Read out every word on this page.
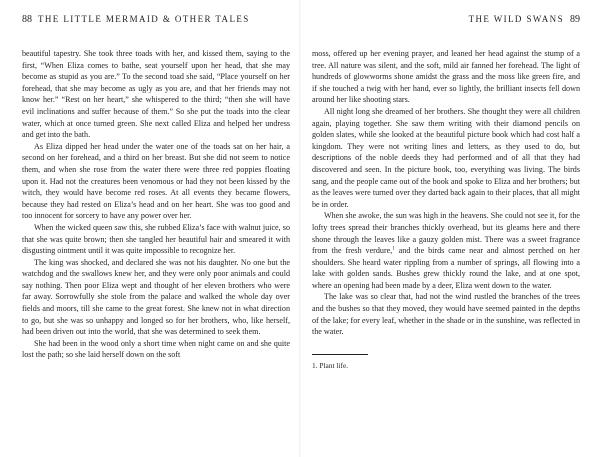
88 THE LITTLE MERMAID & OTHER TALES

beautiful tapestry. She took three toads with her, and kissed them, saying to the first, “When Eliza comes to bathe, seat yourself upon her head, that she may become as stupid as you are.” To the second toad she said, “Place yourself on her forehead, that she may become as ugly as you are, and that her friends may not know her.” “Rest on her heart,” she whispered to the third; “then she will have evil inclinations and suffer because of them.” So she put the toads into the clear water, which at once turned green. She next called Eliza and helped her undress and get into the bath.

As Eliza dipped her head under the water one of the toads sat on her hair, a second on her forehead, and a third on her breast. But she did not seem to notice them, and when she rose from the water there were three red poppies floating upon it. Had not the creatures been venomous or had they not been kissed by the witch, they would have become red roses. At all events they became flowers, because they had rested on Eliza’s head and on her heart. She was too good and too innocent for sorcery to have any power over her.

When the wicked queen saw this, she rubbed Eliza’s face with walnut juice, so that she was quite brown; then she tangled her beautiful hair and smeared it with disgusting ointment until it was quite impossible to recognize her.

The king was shocked, and declared she was not his daughter. No one but the watchdog and the swallows knew her, and they were only poor animals and could say nothing. Then poor Eliza wept and thought of her eleven brothers who were far away. Sorrowfully she stole from the palace and walked the whole day over fields and moors, till she came to the great forest. She knew not in what direction to go, but she was so unhappy and longed so for her brothers, who, like herself, had been driven out into the world, that she was determined to seek them.

She had been in the wood only a short time when night came on and she quite lost the path; so she laid herself down on the soft

THE WILD SWANS 89

moss, offered up her evening prayer, and leaned her head against the stump of a tree. All nature was silent, and the soft, mild air fanned her forehead. The light of hundreds of glowworms shone amidst the grass and the moss like green fire, and if she touched a twig with her hand, ever so lightly, the brilliant insects fell down around her like shooting stars.

All night long she dreamed of her brothers. She thought they were all children again, playing together. She saw them writing with their diamond pencils on golden slates, while she looked at the beautiful picture book which had cost half a kingdom. They were not writing lines and letters, as they used to do, but descriptions of the noble deeds they had performed and of all that they had discovered and seen. In the picture book, too, everything was living. The birds sang, and the people came out of the book and spoke to Eliza and her brothers; but as the leaves were turned over they darted back again to their places, that all might be in order.

When she awoke, the sun was high in the heavens. She could not see it, for the lofty trees spread their branches thickly overhead, but its gleams here and there shone through the leaves like a gauzy golden mist. There was a sweet fragrance from the fresh verdure,$^1$ and the birds came near and almost perched on her shoulders. She heard water rippling from a number of springs, all flowing into a lake with golden sands. Bushes grew thickly round the lake, and at one spot, where an opening had been made by a deer, Eliza went down to the water.

The lake was so clear that, had not the wind rustled the branches of the trees and the bushes so that they moved, they would have seemed painted in the depths of the lake; for every leaf, whether in the shade or in the sunshine, was reflected in the water.

1. Plant life.
